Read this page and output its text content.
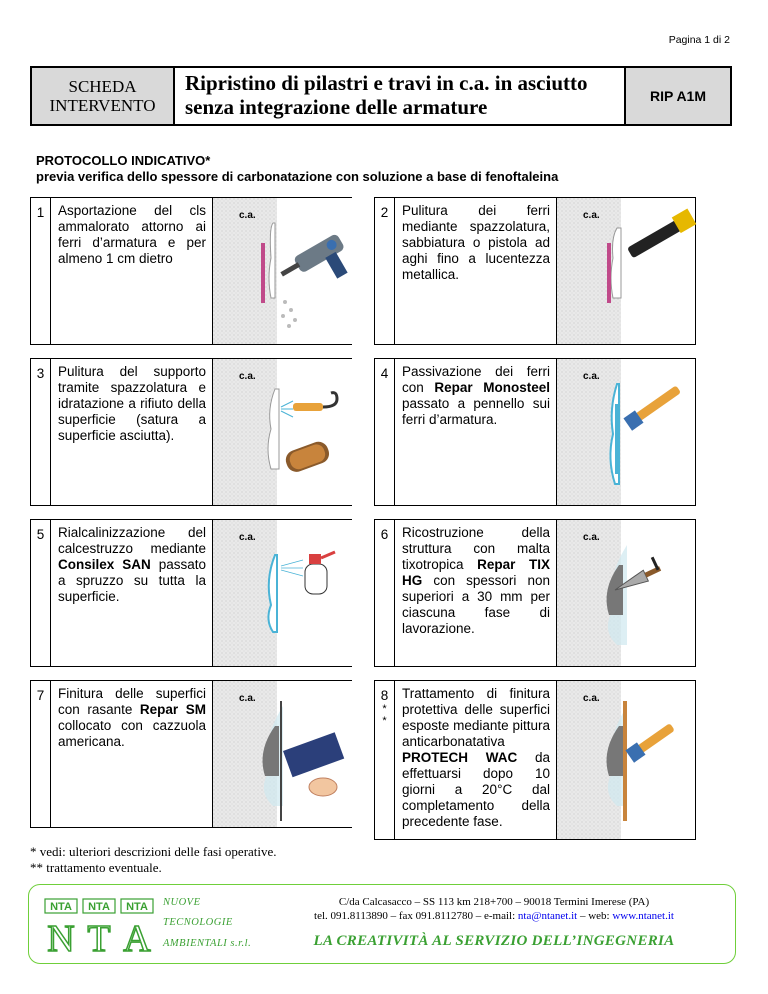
Pagina 1 di 2
SCHEDA
INTERVENTO
Ripristino di pilastri e travi in c.a. in asciutto
senza integrazione delle armature	RIP A1M
PROTOCOLLO INDICATIVO*
previa verifica dello spessore di carbonatazione con soluzione a base di fenoftaleina
1	Asportazione del cls ammalorato attorno ai ferri d’armatura e per almeno 1 cm dietro
c.a.	2	Pulitura dei ferri mediante spazzolatura, sabbiatura o pistola ad aghi fino a lucentezza metallica.
c.a.
3	Pulitura del supporto tramite spazzolatura e idratazione a rifiuto della superficie (satura a superficie asciutta).
c.a.	4	Passivazione dei ferri con Repar Monosteel passato a pennello sui ferri d’armatura.
c.a.
5	Rialcalinizzazione del calcestruzzo mediante Consilex SAN passato a spruzzo su tutta la superficie.
c.a.	6	Ricostruzione della struttura con malta tixotropica Repar TIX HG con spessori non superiori a 30 mm per ciascuna fase di lavorazione.
c.a.
7	Finitura delle superfici con rasante Repar SM collocato con cazzuola americana.
c.a.	8
*
*
Trattamento di finitura protettiva delle superfici esposte mediante pittura anticarbonatativa PROTECH WAC da effettuarsi dopo 10 giorni a 20°C dal completamento della precedente fase.
c.a.
* vedi: ulteriori descrizioni delle fasi operative.
** trattamento eventuale.
NTA NTA NTA
N T A
NUOVE
TECNOLOGIE
AMBIENTALI s.r.l.
C/da Calcasacco – SS 113 km 218+700 – 90018 Termini Imerese (PA)
tel. 091.8113890 – fax 091.8112780 – e-mail: nta@ntanet.it – web: www.ntanet.it
LA CREATIVITÀ AL SERVIZIO DELL’INGEGNERIA
